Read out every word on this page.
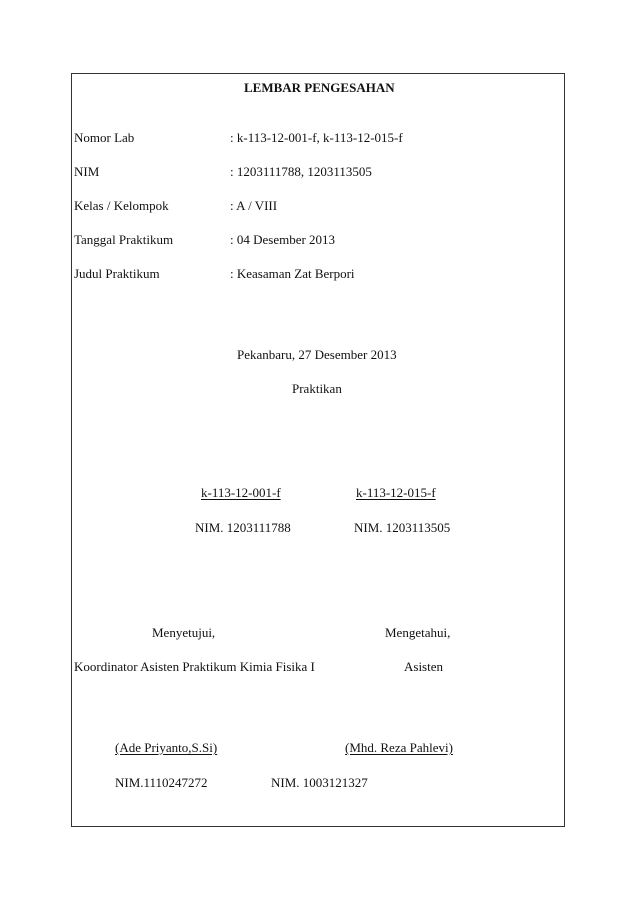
LEMBAR PENGESAHAN
Nomor Lab	: k-113-12-001-f, k-113-12-015-f
NIM	: 1203111788, 1203113505
Kelas / Kelompok	: A / VIII
Tanggal Praktikum	: 04 Desember 2013
Judul Praktikum	: Keasaman Zat Berpori
Pekanbaru, 27 Desember 2013
Praktikan
k-113-12-001-f	k-113-12-015-f
NIM. 1203111788	NIM. 1203113505
Menyetujui,	Mengetahui,
Koordinator Asisten Praktikum Kimia Fisika I	Asisten
(Ade Priyanto,S.Si)	(Mhd. Reza Pahlevi)
NIM.1110247272	NIM. 1003121327
